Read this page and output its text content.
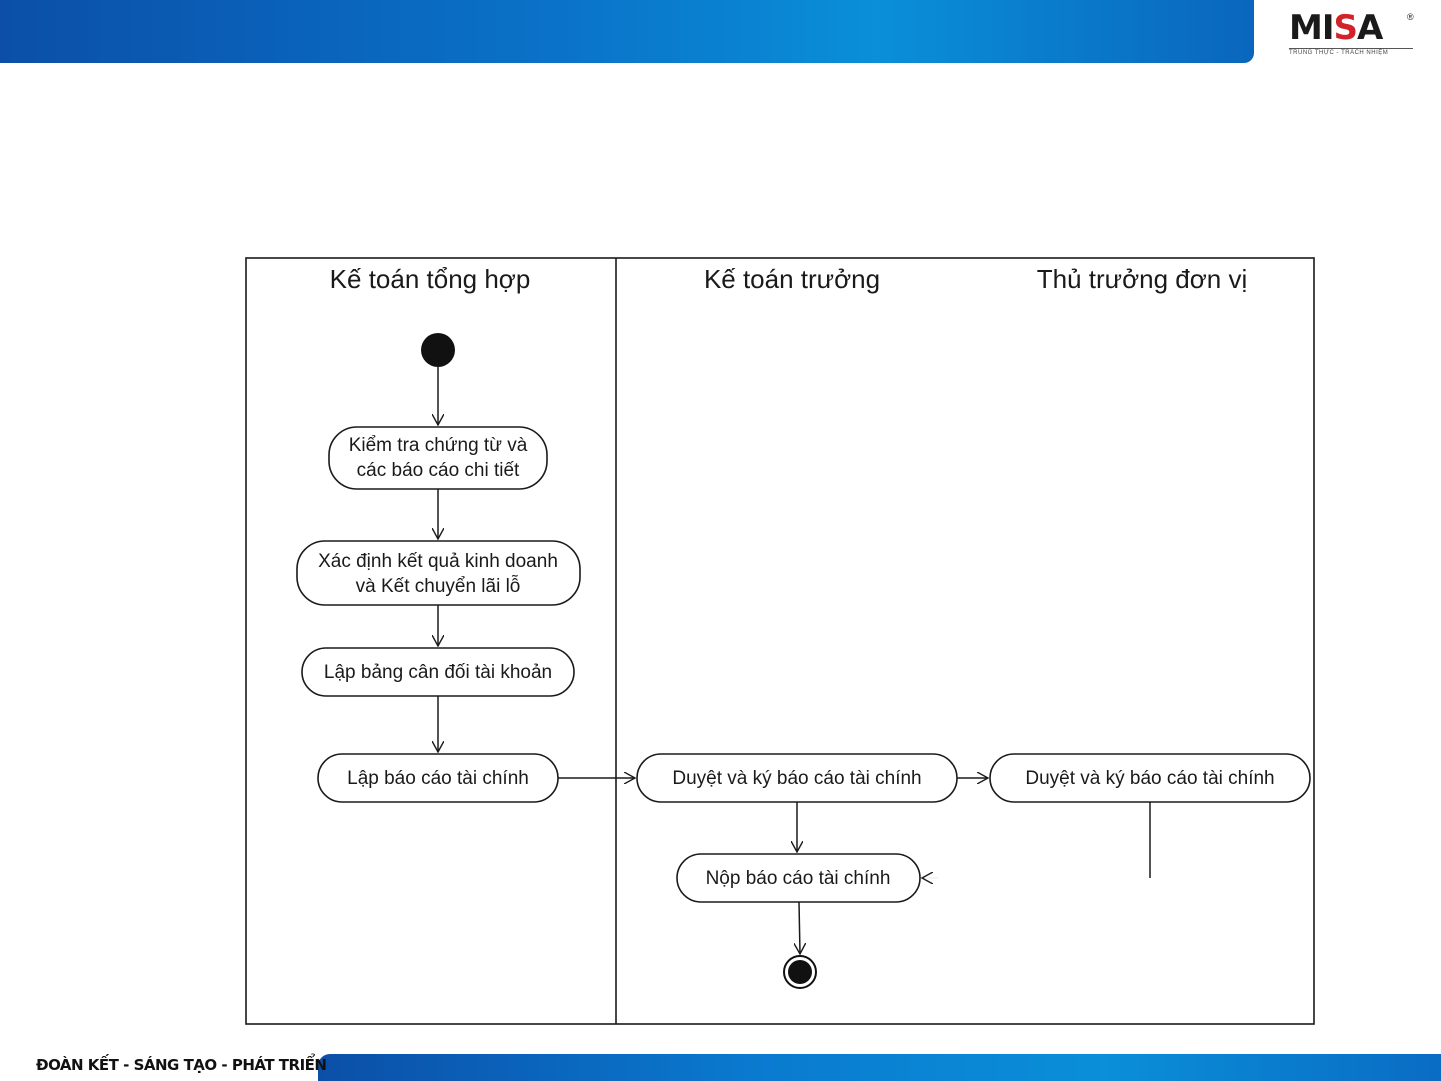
MISA	®
TRUNG THỰC - TRÁCH NHIỆM
Kế toán tổng hợp	Kế toán trưởng	Thủ trưởng đơn vị
Kiểm tra chứng từ và
các báo cáo chi tiết
Xác định kết quả kinh doanh
và Kết chuyển lãi lỗ
Lập bảng cân đối tài khoản
Lập báo cáo tài chính	Duyệt và ký báo cáo tài chính	Duyệt và ký báo cáo tài chính
Nộp báo cáo tài chính
ĐOÀN KẾT - SÁNG TẠO - PHÁT TRIỂN
